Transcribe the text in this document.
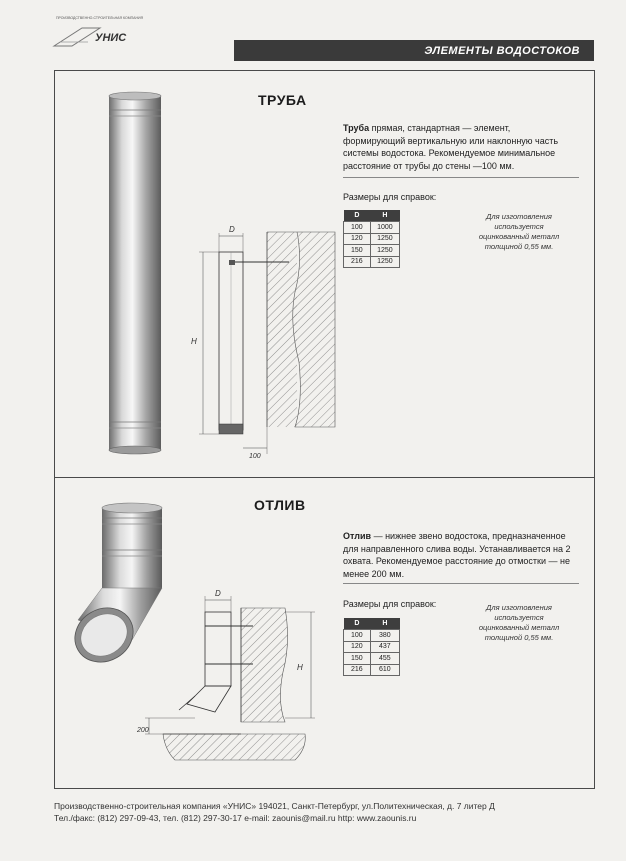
ПРОИЗВОДСТВЕННО-СТРОИТЕЛЬНАЯ КОМПАНИЯ
УНИС
ЭЛЕМЕНТЫ ВОДОСТОКОВ
D
H
100
ТРУБА
Труба прямая, стандартная — элемент, формирующий вертикальную или наклонную часть системы водостока. Рекомендуемое минимальное расстояние от трубы до стены —100 мм.
Размеры для справок:
D	H
100	1000
120	1250
150	1250
216	1250
Для изготовления используется оцинкованный металл толщиной 0,55 мм.
D
H
200
ОТЛИВ
Отлив — нижнее звено водостока, предназначенное для направленного слива воды. Устанавливается на 2 охвата. Рекомендуемое расстояние до отмостки — не менее 200 мм.
Размеры для справок:
D	H
100	380
120	437
150	455
216	610
Для изготовления используется оцинкованный металл толщиной 0,55 мм.
Производственно-строительная компания «УНИС» 194021, Санкт-Петербург, ул.Политехническая, д. 7 литер Д
Тел./факс: (812) 297-09-43, тел. (812) 297-30-17 e-mail: zaounis@mail.ru http: www.zaounis.ru
